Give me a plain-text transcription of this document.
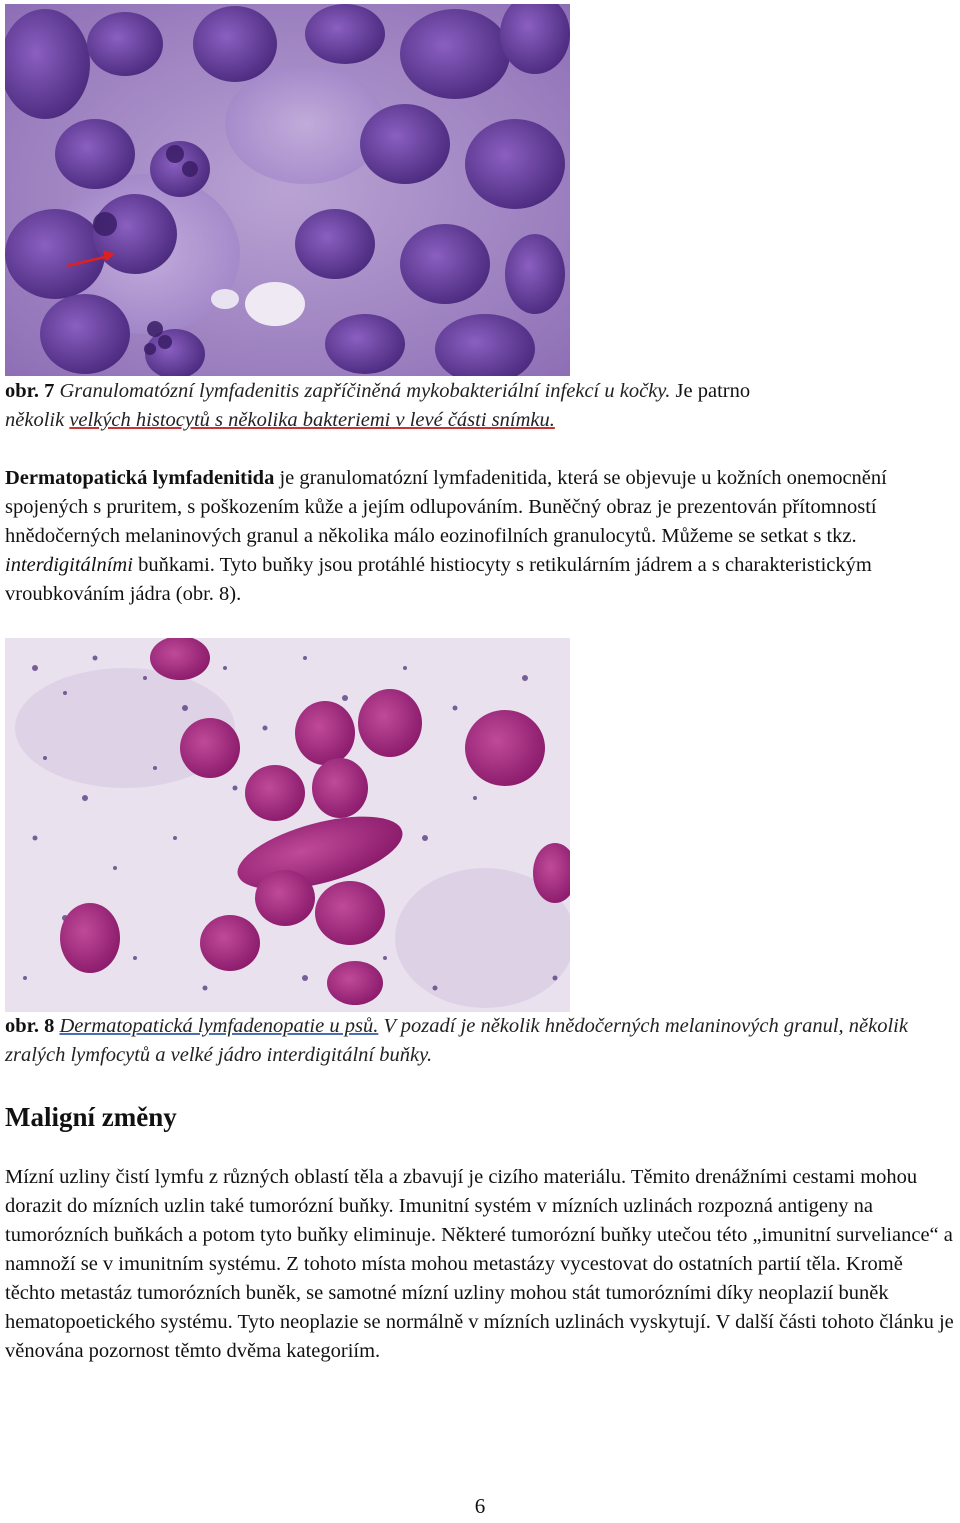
obr. 7 Granulomatózní lymfadenitis zapříčiněná mykobakteriální infekcí u kočky. Je patrno
několik velkých histocytů s několika bakteriemi v levé části snímku.

Dermatopatická lymfadenitida je granulomatózní lymfadenitida, která se objevuje u kožních onemocnění spojených s pruritem, s poškozením kůže a jejím odlupováním. Buněčný obraz je prezentován přítomností hnědočerných melaninových granul a několika málo eozinofilních granulocytů. Můžeme se setkat s tkz. interdigitálními buňkami. Tyto buňky jsou protáhlé histiocyty s retikulárním jádrem a s charakteristickým vroubkováním jádra (obr. 8).

obr. 8 Dermatopatická lymfadenopatie u psů. V pozadí je několik hnědočerných melaninových granul, několik zralých lymfocytů a velké jádro interdigitální buňky.

Maligní změny

Mízní uzliny čistí lymfu z různých oblastí těla a zbavují je cizího materiálu. Těmito drenážními cestami mohou dorazit do mízních uzlin také tumorózní buňky. Imunitní systém v mízních uzlinách rozpozná antigeny na tumorózních buňkách a potom tyto buňky eliminuje. Některé tumorózní buňky utečou této „imunitní surveliance“ a namnoží se v imunitním systému. Z tohoto místa mohou metastázy vycestovat do ostatních partií těla. Kromě těchto metastáz tumorózních buněk, se samotné mízní uzliny mohou stát tumorózními díky neoplazií buněk hematopoetického systému. Tyto neoplazie se normálně v mízních uzlinách vyskytují. V další části tohoto článku je věnována pozornost těmto dvěma kategoriím.

6
